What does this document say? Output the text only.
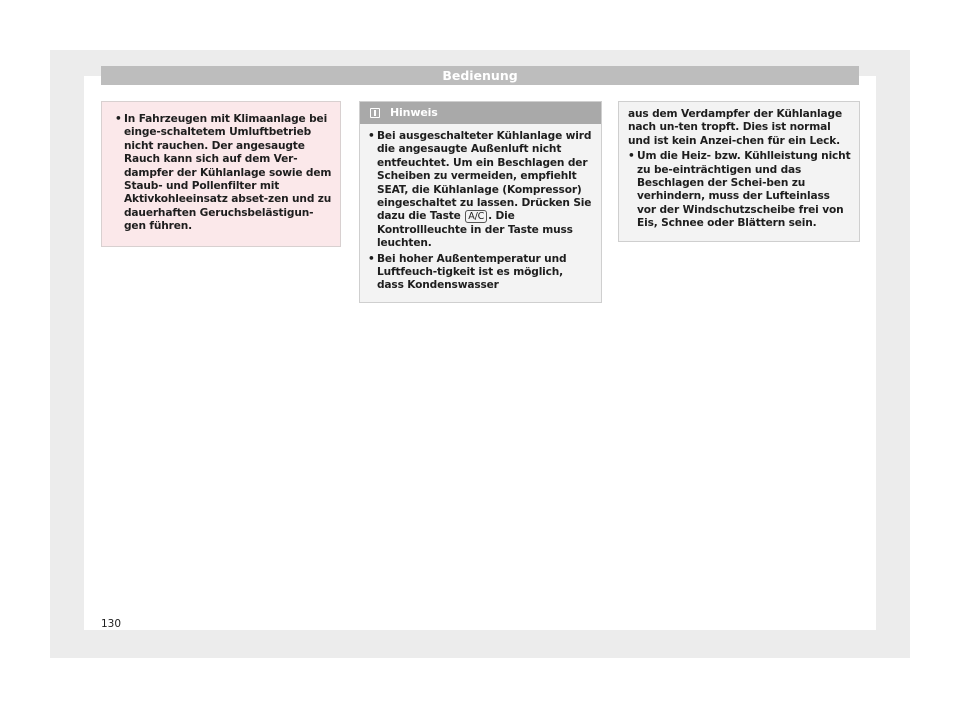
Bedienung
• In Fahrzeugen mit Klimaanlage bei einge-schaltetem Umluftbetrieb nicht rauchen. Der angesaugte Rauch kann sich auf dem Ver-dampfer der Kühlanlage sowie dem Staub- und Pollenfilter mit Aktivkohleeinsatz abset-zen und zu dauerhaften Geruchsbelästigun-gen führen.
Hinweis
• Bei ausgeschalteter Kühlanlage wird die angesaugte Außenluft nicht entfeuchtet. Um ein Beschlagen der Scheiben zu vermeiden, empfiehlt SEAT, die Kühlanlage (Kompressor) eingeschaltet zu lassen. Drücken Sie dazu die Taste A/C . Die Kontrollleuchte in der Taste muss leuchten.
• Bei hoher Außentemperatur und Luftfeuch-tigkeit ist es möglich, dass Kondenswasser
aus dem Verdampfer der Kühlanlage nach un-ten tropft. Dies ist normal und ist kein Anzei-chen für ein Leck.
• Um die Heiz- bzw. Kühlleistung nicht zu be-einträchtigen und das Beschlagen der Schei-ben zu verhindern, muss der Lufteinlass vor der Windschutzscheibe frei von Eis, Schnee oder Blättern sein.
130
